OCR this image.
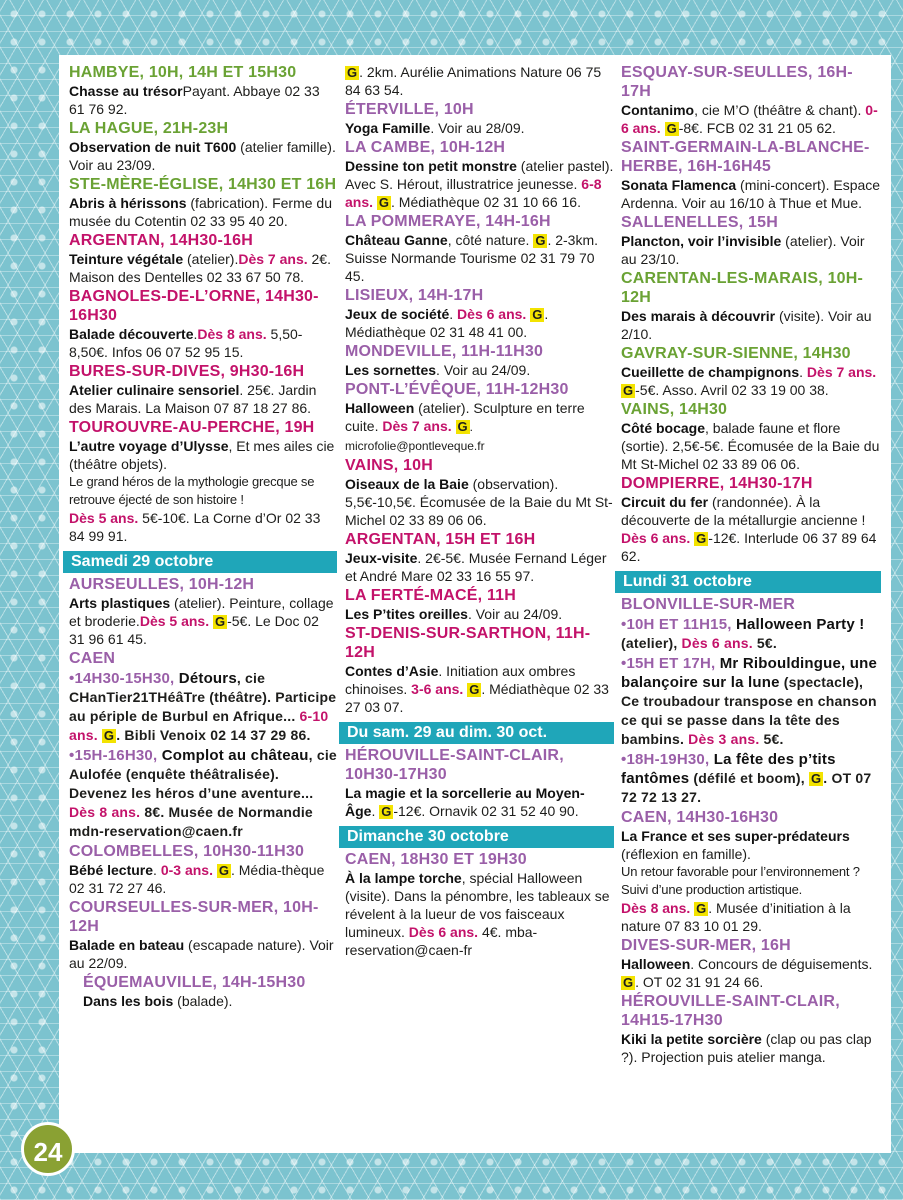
HAMBYE, 10H, 14H ET 15H30
Chasse au trésorPayant. Abbaye 02 33 61 76 92.
LA HAGUE, 21H-23H
Observation de nuit T600 (atelier famille). Voir au 23/09.
STE-MÈRE-ÉGLISE, 14H30 ET 16H
Abris à hérissons (fabrication). Ferme du musée du Cotentin 02 33 95 40 20.
ARGENTAN, 14H30-16H
Teinture végétale (atelier).Dès 7 ans. 2€. Maison des Dentelles 02 33 67 50 78.
BAGNOLES-DE-L’ORNE, 14H30-16H30
Balade découverte.Dès 8 ans. 5,50-8,50€. Infos 06 07 52 95 15.
BURES-SUR-DIVES, 9H30-16H
Atelier culinaire sensoriel. 25€. Jardin des Marais. La Maison 07 87 18 27 86.
TOUROUVRE-AU-PERCHE, 19H
L’autre voyage d’Ulysse, Et mes ailes cie (théâtre objets).
Le grand héros de la mythologie grecque se retrouve éjecté de son histoire !
Dès 5 ans. 5€-10€. La Corne d’Or 02 33 84 99 91.
Samedi 29 octobre
AURSEULLES, 10H-12H
Arts plastiques (atelier). Peinture, collage et broderie.Dès 5 ans. G -5€. Le Doc 02 31 96 61 45.
CAEN
•14H30-15H30, Détours, cie CHanTier21THéâTre (théâtre). Participe au périple de Burbul en Afrique... 6-10 ans. G . Bibli Venoix 02 14 37 29 86.
•15H-16H30, Complot au château, cie Aulofée (enquête théâtralisée). Devenez les héros d’une aventure... Dès 8 ans. 8€. Musée de Normandie mdn-reservation@caen.fr
COLOMBELLES, 10H30-11H30
Bébé lecture. 0-3 ans. G . Média-thèque 02 31 72 27 46.
COURSEULLES-SUR-MER, 10H-12H
Balade en bateau (escapade nature). Voir au 22/09.
ÉQUEMAUVILLE, 14H-15H30
Dans les bois (balade).
G . 2km. Aurélie Animations Nature 06 75 84 63 54.
ÉTERVILLE, 10H
Yoga Famille. Voir au 28/09.
LA CAMBE, 10H-12H
Dessine ton petit monstre (atelier pastel). Avec S. Hérout, illustratrice jeunesse. 6-8 ans. G . Médiathèque 02 31 10 66 16.
LA POMMERAYE, 14H-16H
Château Ganne, côté nature. G . 2-3km. Suisse Normande Tourisme 02 31 79 70 45.
LISIEUX, 14H-17H
Jeux de société. Dès 6 ans. G . Médiathèque 02 31 48 41 00.
MONDEVILLE, 11H-11H30
Les sornettes. Voir au 24/09.
PONT-L’ÉVÊQUE, 11H-12H30
Halloween (atelier). Sculpture en terre cuite. Dès 7 ans. G . microfolie@pontleveque.fr
VAINS, 10H
Oiseaux de la Baie (observation). 5,5€-10,5€. Écomusée de la Baie du Mt St-Michel 02 33 89 06 06.
ARGENTAN, 15H ET 16H
Jeux-visite. 2€-5€. Musée Fernand Léger et André Mare 02 33 16 55 97.
LA FERTÉ-MACÉ, 11H
Les P’tites oreilles. Voir au 24/09.
ST-DENIS-SUR-SARTHON, 11H-12H
Contes d’Asie. Initiation aux ombres chinoises. 3-6 ans. G . Médiathèque 02 33 27 03 07.
Du sam. 29 au dim. 30 oct.
HÉROUVILLE-SAINT-CLAIR, 10H30-17H30
La magie et la sorcellerie au Moyen-Âge. G -12€. Ornavik 02 31 52 40 90.
Dimanche 30 octobre
CAEN, 18H30 ET 19H30
À la lampe torche, spécial Halloween (visite). Dans la pénombre, les tableaux se révelent à la lueur de vos faisceaux lumineux. Dès 6 ans. 4€. mba-reservation@caen-fr
ESQUAY-SUR-SEULLES, 16H-17H
Contanimo, cie M’O (théâtre & chant). 0-6 ans. G -8€. FCB 02 31 21 05 62.
SAINT-GERMAIN-LA-BLANCHE-HERBE, 16H-16H45
Sonata Flamenca (mini-concert). Espace Ardenna. Voir au 16/10 à Thue et Mue.
SALLENELLES, 15H
Plancton, voir l’invisible (atelier). Voir au 23/10.
CARENTAN-LES-MARAIS, 10H-12H
Des marais à découvrir (visite). Voir au 2/10.
GAVRAY-SUR-SIENNE, 14H30
Cueillette de champignons. Dès 7 ans. G -5€. Asso. Avril 02 33 19 00 38.
VAINS, 14H30
Côté bocage, balade faune et flore (sortie). 2,5€-5€. Écomusée de la Baie du Mt St-Michel 02 33 89 06 06.
DOMPIERRE, 14H30-17H
Circuit du fer (randonnée). À la découverte de la métallurgie ancienne ! Dès 6 ans. G -12€. Interlude 06 37 89 64 62.
Lundi 31 octobre
BLONVILLE-SUR-MER
•10H ET 11H15, Halloween Party ! (atelier), Dès 6 ans. 5€.
•15H ET 17H, Mr Ribouldingue, une balançoire sur la lune (spectacle), Ce troubadour transpose en chanson ce qui se passe dans la tête des bambins. Dès 3 ans. 5€.
•18H-19H30, La fête des p’tits fantômes (défilé et boom), G . OT 07 72 72 13 27.
CAEN, 14H30-16H30
La France et ses super-prédateurs (réflexion en famille).
Un retour favorable pour l’environnement ? Suivi d’une production artistique.
Dès 8 ans. G . Musée d’initiation à la nature 07 83 10 01 29.
DIVES-SUR-MER, 16H
Halloween. Concours de déguisements. G . OT 02 31 91 24 66.
HÉROUVILLE-SAINT-CLAIR, 14H15-17H30
Kiki la petite sorcière (clap ou pas clap ?). Projection puis atelier manga.
24
